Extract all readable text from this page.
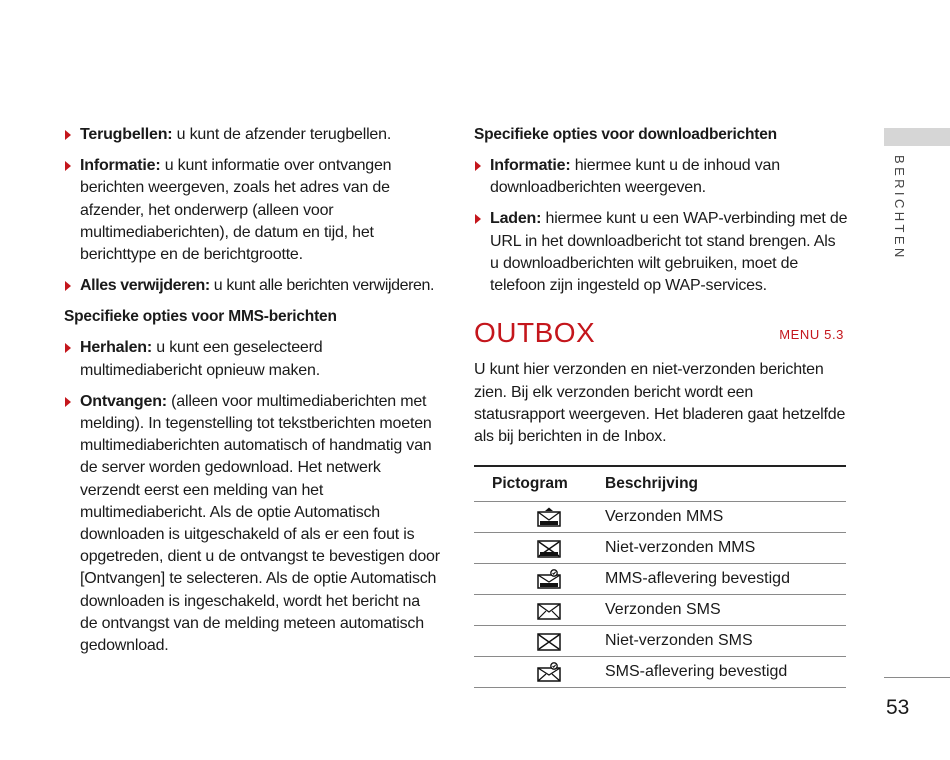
Terugbellen: u kunt de afzender terugbellen.
Informatie: u kunt informatie over ontvangen berichten weergeven, zoals het adres van de afzender, het onderwerp (alleen voor multimediaberichten), de datum en tijd, het berichttype en de berichtgrootte.
Alles verwijderen: u kunt alle berichten verwijderen.
Specifieke opties voor MMS-berichten
Herhalen: u kunt een geselecteerd multimediabericht opnieuw maken.
Ontvangen: (alleen voor multimediaberichten met melding). In tegenstelling tot tekstberichten moeten multimediaberichten automatisch of handmatig van de server worden gedownload. Het netwerk verzendt eerst een melding van het multimediabericht. Als de optie Automatisch downloaden is uitgeschakeld of als er een fout is opgetreden, dient u de ontvangst te bevestigen door [Ontvangen] te selecteren. Als de optie Automatisch downloaden is ingeschakeld, wordt het bericht na de ontvangst van de melding meteen automatisch gedownload.
Specifieke opties voor downloadberichten
Informatie: hiermee kunt u de inhoud van downloadberichten weergeven.
Laden: hiermee kunt u een WAP-verbinding met de URL in het downloadbericht tot stand brengen. Als u downloadberichten wilt gebruiken, moet de telefoon zijn ingesteld op WAP-services.
OUTBOX	MENU 5.3
U kunt hier verzonden en niet-verzonden berichten zien. Bij elk verzonden bericht wordt een statusrapport weergeven. Het bladeren gaat hetzelfde als bij berichten in de Inbox.
Pictogram	Beschrijving
	Verzonden MMS
	Niet-verzonden MMS
	MMS-aflevering bevestigd
	Verzonden SMS
	Niet-verzonden SMS
	SMS-aflevering bevestigd
BERICHTEN
53
